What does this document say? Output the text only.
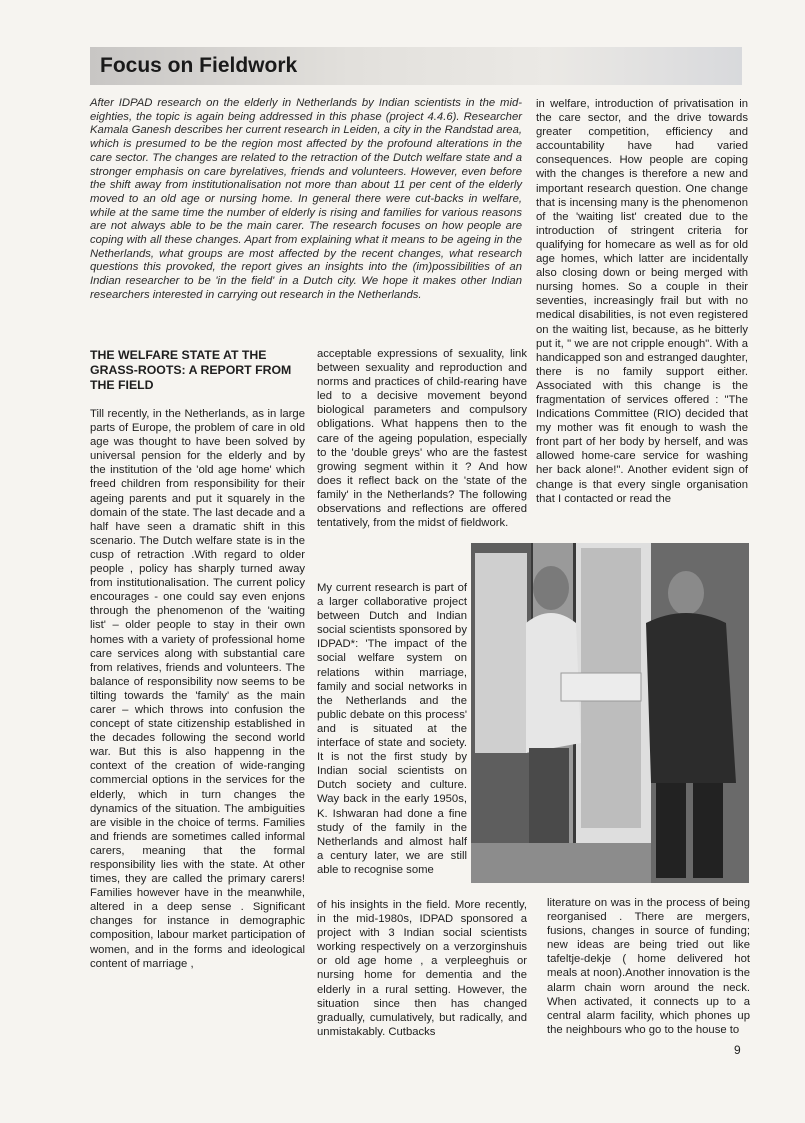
Focus on Fieldwork

After IDPAD research on the elderly in Netherlands by Indian scientists in the mid-eighties, the topic is again being addressed in this phase (project 4.4.6). Researcher Kamala Ganesh describes her current research in Leiden, a city in the Randstad area, which is presumed to be the region most affected by the profound alterations in the care sector. The changes are related to the retraction of the Dutch welfare state and a stronger emphasis on care byrelatives, friends and volunteers. However, even before the shift away from institutionalisation not more than about 11 per cent of the elderly moved to an old age or nursing home. In general there were cut-backs in welfare, while at the same time the number of elderly is rising and families for various reasons are not always able to be the main carer. The research focuses on how people are coping with all these changes. Apart from explaining what it means to be ageing in the Netherlands, what groups are most affected by the recent changes, what research questions this provoked, the report gives an insights into the (im)possibilities of an Indian researcher to be 'in the field' in a Dutch city. We hope it makes other Indian researchers interested in carrying out research in the Netherlands.

THE WELFARE STATE AT THE GRASS-ROOTS: A REPORT FROM THE FIELD

Till recently, in the Netherlands, as in large parts of Europe, the problem of care in old age was thought to have been solved by universal pension for the elderly and by the institution of the 'old age home' which freed children from responsibility for their ageing parents and put it squarely in the domain of the state. The last decade and a half have seen a dramatic shift in this scenario. The Dutch welfare state is in the cusp of retraction .With regard to older people , policy has sharply turned away from institutionalisation. The current policy encourages - one could say even enjons through the phenomenon of the 'waiting list' – older people to stay in their own homes with a variety of professional home care services along with substantial care from relatives, friends and volunteers. The balance of responsibility now seems to be tilting towards the 'family' as the main carer – which throws into confusion the concept of state citizenship established in the decades following the second world war. But this is also happenng in the context of the creation of wide-ranging commercial options in the services for the elderly, which in turn changes the dynamics of the situation. The ambiguities are visible in the choice of terms. Families and friends are sometimes called informal carers, meaning that the formal responsibility lies with the state. At other times, they are called the primary carers! Families however have in the meanwhile, altered in a deep sense . Significant changes for instance in demographic composition, labour market participation of women, and in the forms and ideological content of marriage ,

acceptable expressions of sexuality, link between sexuality and reproduction and norms and practices of child-rearing have led to a decisive movement beyond biological parameters and compulsory obligations. What happens then to the care of the ageing population, especially to the 'double greys' who are the fastest growing segment within it ? And how does it reflect back on the 'state of the family' in the Netherlands? The following observations and reflections are offered tentatively, from the midst of fieldwork.

My current research is part of a larger collaborative project between Dutch and Indian social scientists sponsored by IDPAD*: 'The impact of the social welfare system on relations within marriage, family and social networks in the Netherlands and the public debate on this process' and is situated at the interface of state and society. It is not the first study by Indian social scientists on Dutch society and culture. Way back in the early 1950s, K. Ishwaran had done a fine study of the family in the Netherlands and almost half a century later, we are still able to recognise some

of his insights in the field. More recently, in the mid-1980s, IDPAD sponsored a project with 3 Indian social scientists working respectively on a verzorginshuis or old age home , a verpleeghuis or nursing home for dementia and the elderly in a rural setting. However, the situation since then has changed gradually, cumulatively, but radically, and unmistakably. Cutbacks

in welfare, introduction of privatisation in the care sector, and the drive towards greater competition, efficiency and accountability have had varied consequences. How people are coping with the changes is therefore a new and important research question. One change that is incensing many is the phenomenon of the 'waiting list' created due to the introduction of stringent criteria for qualifying for homecare as well as for old age homes, which latter are incidentally also closing down or being merged with nursing homes. So a couple in their seventies, increasingly frail but with no medical disabilities, is not even registered on the waiting list, because, as he bitterly put it, " we are not cripple enough". With a handicapped son and estranged daughter, there is no family support either. Associated with this change is the fragmentation of services offered : "The Indications Committee (RIO) decided that my mother was fit enough to wash the front part of her body by herself, and was allowed home-care service for washing her back alone!". Another evident sign of change is that every single organisation that I contacted or read the

literature on was in the process of being reorganised . There are mergers, fusions, changes in source of funding; new ideas are being tried out like tafeltje-dekje ( home delivered hot meals at noon).Another innovation is the alarm chain worn around the neck. When activated, it connects up to a central alarm facility, which phones up the neighbours who go to the house to

9
